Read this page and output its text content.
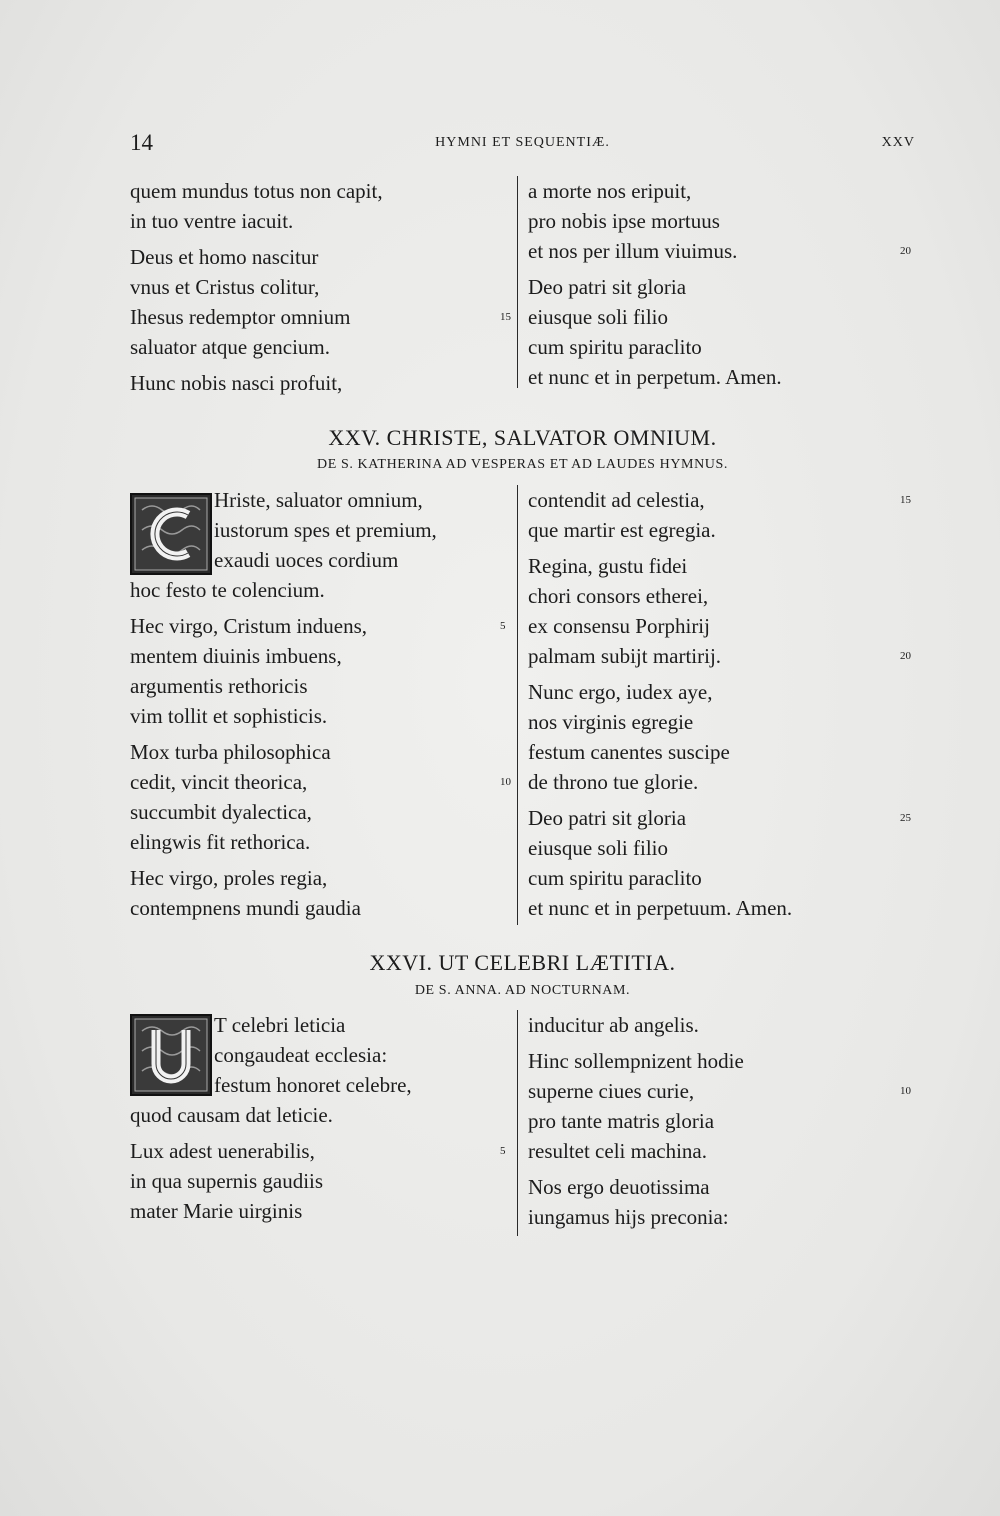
14	HYMNI ET SEQUENTIÆ.	XXV
quem mundus totus non capit,
in tuo ventre iacuit.
Deus et homo nascitur
vnus et Cristus colitur,
Ihesus redemptor omnium	15
saluator atque gencium.
Hunc nobis nasci profuit,
a morte nos eripuit,
pro nobis ipse mortuus
et nos per illum viuimus.	20
Deo patri sit gloria
eiusque soli filio
cum spiritu paraclito
et nunc et in perpetum. Amen.
XXV. CHRISTE, SALVATOR OMNIUM.
DE S. KATHERINA AD VESPERAS ET AD LAUDES HYMNUS.
Hriste, saluator omnium,
iustorum spes et premium,
exaudi uoces cordium
hoc festo te colencium.
Hec virgo, Cristum induens,	5
mentem diuinis imbuens,
argumentis rethoricis
vim tollit et sophisticis.
Mox turba philosophica
cedit, vincit theorica,	10
succumbit dyalectica,
elingwis fit rethorica.
Hec virgo, proles regia,
contempnens mundi gaudia
contendit ad celestia,	15
que martir est egregia.
Regina, gustu fidei
chori consors etherei,
ex consensu Porphirij
palmam subijt martirij.	20
Nunc ergo, iudex aye,
nos virginis egregie
festum canentes suscipe
de throno tue glorie.
Deo patri sit gloria	25
eiusque soli filio
cum spiritu paraclito
et nunc et in perpetuum. Amen.
XXVI. UT CELEBRI LÆTITIA.
DE S. ANNA. AD NOCTURNAM.
T celebri leticia
congaudeat ecclesia:
festum honoret celebre,
quod causam dat leticie.
Lux adest uenerabilis,	5
in qua supernis gaudiis
mater Marie uirginis
inducitur ab angelis.
Hinc sollempnizent hodie
superne ciues curie,	10
pro tante matris gloria
resultet celi machina.
Nos ergo deuotissima
iungamus hijs preconia:
